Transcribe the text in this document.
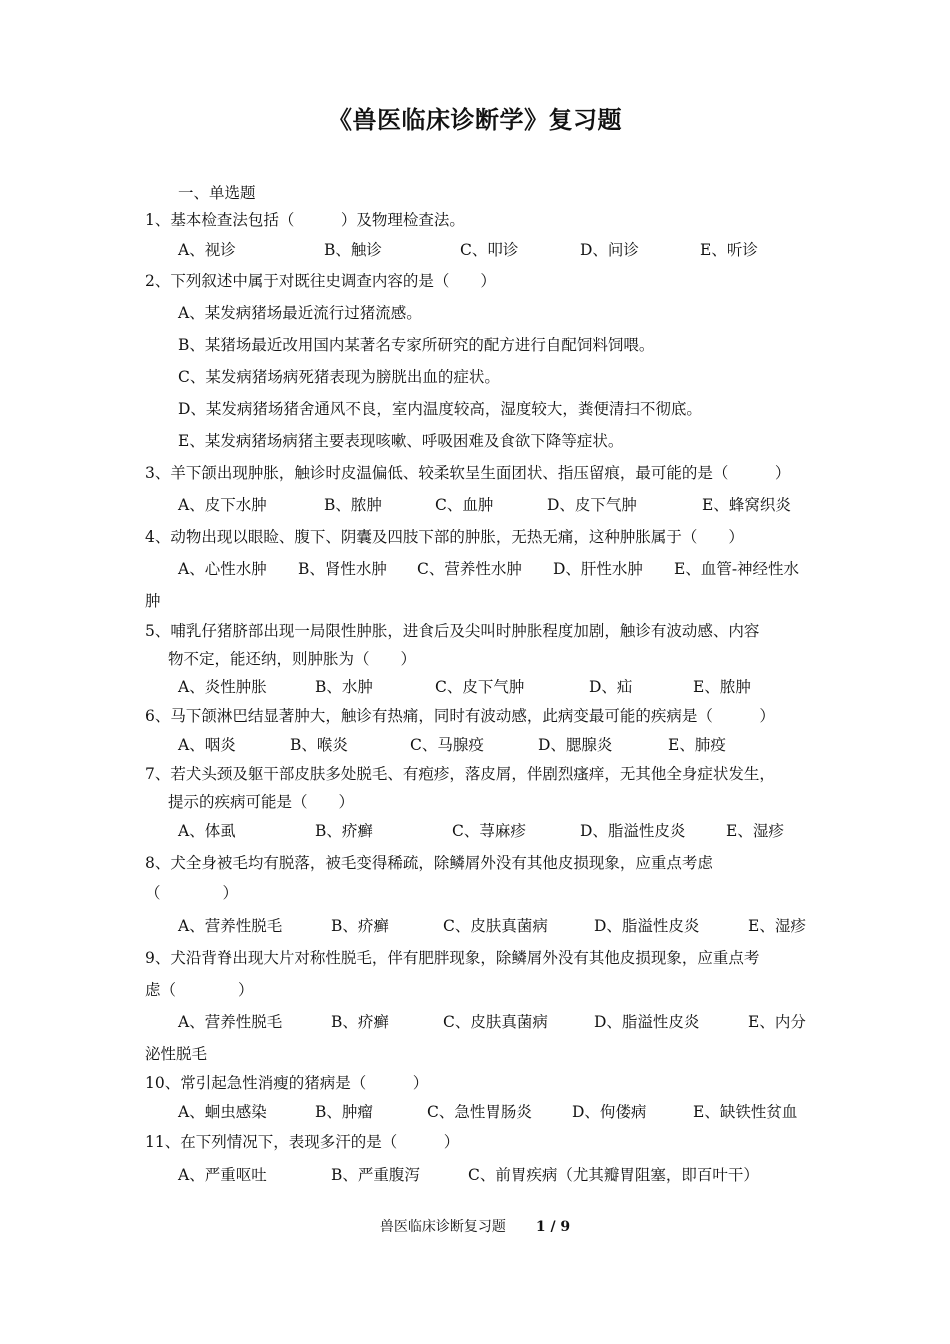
《兽医临床诊断学》复习题
一、单选题
1、基本检查法包括（　　　）及物理检查法。
A、视诊	B、触诊	C、叩诊	D、问诊	E、听诊
2、下列叙述中属于对既往史调查内容的是（　　）
A、某发病猪场最近流行过猪流感。
B、某猪场最近改用国内某著名专家所研究的配方进行自配饲料饲喂。
C、某发病猪场病死猪表现为膀胱出血的症状。
D、某发病猪场猪舍通风不良，室内温度较高，湿度较大，粪便清扫不彻底。
E、某发病猪场病猪主要表现咳嗽、呼吸困难及食欲下降等症状。
3、羊下颌出现肿胀，触诊时皮温偏低、较柔软呈生面团状、指压留痕，最可能的是（　　　）
A、皮下水肿	B、脓肿	C、血肿	D、皮下气肿	E、蜂窝织炎
4、动物出现以眼睑、腹下、阴囊及四肢下部的肿胀，无热无痛，这种肿胀属于（　　）
A、心性水肿 B、肾性水肿 C、营养性水肿 D、肝性水肿 E、血管-神经性水
肿
5、哺乳仔猪脐部出现一局限性肿胀，进食后及尖叫时肿胀程度加剧，触诊有波动感、内容
物不定，能还纳，则肿胀为（　　）
A、炎性肿胀	B、水肿	C、皮下气肿	D、疝	E、脓肿
6、马下颌淋巴结显著肿大，触诊有热痛，同时有波动感，此病变最可能的疾病是（　　　）
A、咽炎	B、喉炎	C、马腺疫	D、腮腺炎	E、肺疫
7、若犬头颈及躯干部皮肤多处脱毛、有疱疹，落皮屑，伴剧烈瘙痒，无其他全身症状发生，
提示的疾病可能是（　　）
A、体虱	B、疥癣	C、荨麻疹	D、脂溢性皮炎	E、湿疹
8、犬全身被毛均有脱落，被毛变得稀疏，除鳞屑外没有其他皮损现象，应重点考虑
（　　　　）
A、营养性脱毛	B、疥癣	C、皮肤真菌病	D、脂溢性皮炎	E、湿疹
9、犬沿背脊出现大片对称性脱毛，伴有肥胖现象，除鳞屑外没有其他皮损现象，应重点考
虑（　　　　）
A、营养性脱毛	B、疥癣	C、皮肤真菌病	D、脂溢性皮炎	E、内分
泌性脱毛
10、常引起急性消瘦的猪病是（　　　）
A、蛔虫感染	B、肿瘤	C、急性胃肠炎	D、佝偻病	E、缺铁性贫血
11、在下列情况下，表现多汗的是（　　　）
A、严重呕吐	B、严重腹泻	C、前胃疾病（尤其瓣胃阻塞，即百叶干）
兽医临床诊断复习题 1 / 9
